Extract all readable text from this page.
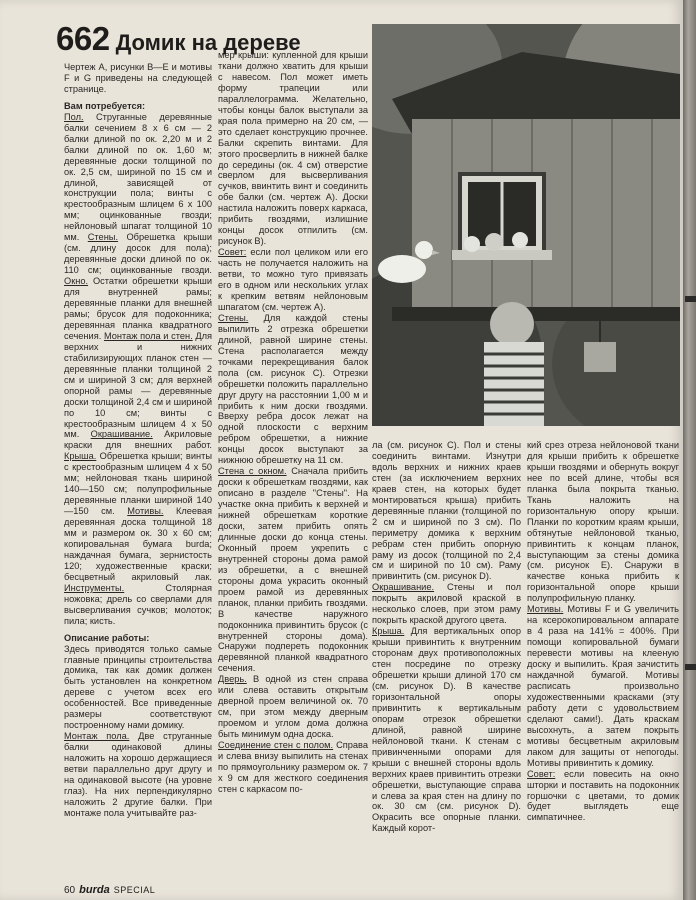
662 Домик на дереве

Чертеж А, рисунки В—Е и мотивы F и G приведены на следующей странице.

Вам потребуется:

Пол. Струганные деревянные балки сечением 8 х 6 см — 2 балки длиной по ок. 2,20 м и 2 балки длиной по ок. 1,60 м; деревянные доски толщиной по ок. 2,5 см, шириной по 15 см и длиной, зависящей от конструкции пола; винты с крестообразным шлицем 6 х 100 мм; оцинкованные гвозди; нейлоновый шпагат толщиной 10 мм. Стены. Обрешетка крыши (см. длину досок для пола); деревянные доски длиной по ок. 110 см; оцинкованные гвозди. Окно. Остатки обрешетки крыши для внутренней рамы; деревянные планки для внешней рамы; брусок для подоконника; деревянная планка квадратного сечения. Монтаж пола и стен. Для верхних и нижних стабилизирующих планок стен — деревянные планки толщиной 2 см и шириной 3 см; для верхней опорной рамы — деревянные доски толщиной 2,4 см и шириной по 10 см; винты с крестообразным шлицем 4 х 50 мм. Окрашивание. Акриловые краски для внешних работ. Крыша. Обрешетка крыши; винты с крестообразным шлицем 4 х 50 мм; нейлоновая ткань шириной 140—150 см; полупрофильные деревянные планки шириной 140—150 см. Мотивы. Клеевая деревянная доска толщиной 18 мм и размером ок. 30 х 60 см; копировальная бумага burda; наждачная бумага, зернистость 120; художественные краски; бесцветный акриловый лак. Инструменты.	Столярная ножовка; дрель со сверлами для высверливания сучков; молоток; пила; кисть.

Описание работы:

Здесь приводятся только самые главные принципы строительства домика, так как домик должен быть установлен на конкретном дереве с учетом всех его особенностей. Все приведенные размеры соответствуют построенному нами домику.

Монтаж пола. Две струганные балки одинаковой длины наложить на хорошо держащиеся ветви параллельно друг другу и на одинаковой высоте (на уровне глаз). На них перпендикулярно наложить 2 другие балки. При монтаже пола учитывайте раз-

мер крыши: купленной для крыши ткани должно хватить для крыши с навесом. Пол может иметь форму трапеции или параллелограмма. Желательно, чтобы концы балок выступали за края пола примерно на 20 см, — это сделает конструкцию прочнее. Балки скрепить винтами. Для этого просверлить в нижней балке до середины (ок. 4 см) отверстие сверлом для высверливания сучков, ввинтить винт и соединить обе балки (см. чертеж А). Доски настила наложить поверх каркаса, прибить гвоздями, излишние концы досок отпилить (см. рисунок В).

Совет: если пол целиком или его часть не получается наложить на ветви, то можно туго привязать его в одном или нескольких углах к крепким ветвям нейлоновым шпагатом (см. чертеж А).

Стены. Для каждой стены выпилить 2 отрезка обрешетки длиной, равной ширине стены. Стена располагается между точками перекрещивания балок пола (см. рисунок С). Отрезки обрешетки положить параллельно друг другу на расстоянии 1,00 м и прибить к ним доски гвоздями. Вверху ребра досок лежат на одной плоскости с верхним ребром обрешетки, а нижние концы досок выступают за нижнюю обрешетку на 11 см.

Стена с окном. Сначала прибить доски к обрешеткам гвоздями, как описано в разделе "Стены". На участке окна прибить к верхней и нижней обрешеткам короткие доски, затем прибить опять длинные доски до конца стены. Оконный проем укрепить с внутренней стороны дома рамой из обрешетки, а с внешней стороны дома украсить оконный проем рамой из деревянных планок, планки прибить гвоздями. В качестве наружного подоконника привинтить брусок (с внутренней стороны дома). Снаружи подпереть подоконник деревянной планкой квадратного сечения.

Дверь. В одной из стен справа или слева оставить открытым дверной проем величиной ок. 70 см, при этом между дверным проемом и углом дома должна быть минимум одна доска.

Соединение стен с полом. Справа и слева внизу выпилить на стенах по прямоугольнику размером ок. 7 х 9 см для жесткого соединения стен с каркасом по-

ла (см. рисунок С). Пол и стены соединить винтами. Изнутри вдоль верхних и нижних краев стен (за исключением верхних краев стен, на которых будет монтироваться крыша) прибить деревянные планки (толщиной по 2 см и шириной по 3 см). По периметру домика к верхним ребрам стен прибить опорную раму из досок (толщиной по 2,4 см и шириной по 10 см). Раму привинтить (см. рисунок D).

Окрашивание. Стены и пол покрыть акриловой краской в несколько слоев, при этом раму покрыть краской другого цвета.

Крыша. Для вертикальных опор крыши привинтить к внутренним сторонам двух противоположных стен посредине по отрезку обрешетки крыши длиной 170 см (см. рисунок D). В качестве горизонтальной опоры привинтить к вертикальным опорам отрезок обрешетки длиной, равной ширине нейлоновой ткани. К стенам с привинченными опорами для крыши с внешней стороны вдоль верхних краев привинтить отрезки обрешетки, выступающие справа и слева за края стен на длину по ок. 30 см (см. рисунок D). Окрасить все опорные планки. Каждый корот-

кий срез отреза нейлоновой ткани для крыши прибить к обрешетке крыши гвоздями и обернуть вокруг нее по всей длине, чтобы вся планка была покрыта тканью. Ткань наложить на горизонтальную опору крыши. Планки по коротким краям крыши, обтянутые нейлоновой тканью, привинтить к концам планок, выступающим за стены домика (см. рисунок Е). Снаружи в качестве конька прибить к горизонтальной опоре крыши полупрофильную планку.

Мотивы. Мотивы F и G увеличить на ксерокопировальном аппарате в 4 раза на 141% = 400%. При помощи копировальной бумаги перевести мотивы на клееную доску и выпилить. Края зачистить наждачной бумагой. Мотивы расписать произвольно художественными красками (эту работу дети с удовольствием сделают сами!). Дать краскам высохнуть, а затем покрыть мотивы бесцветным акриловым лаком для защиты от непогоды. Мотивы привинтить к домику.

Совет: если повесить на окно шторки и поставить на подоконник горшочки с цветами, то домик будет выглядеть еще симпатичнее.

60 burda SPECIAL
